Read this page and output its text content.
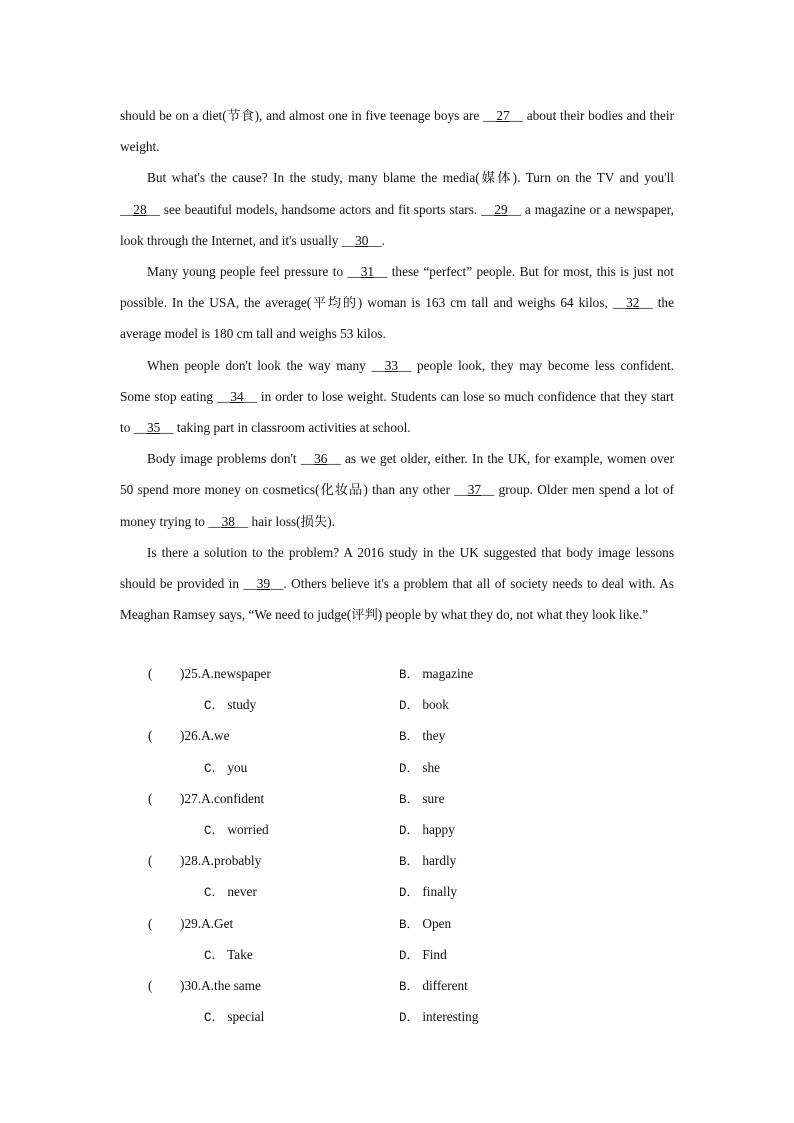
should be on a diet(节食), and almost one in five teenage boys are __27__ about their bodies and their weight.

But what's the cause? In the study, many blame the media(媒体). Turn on the TV and you'll __28__ see beautiful models, handsome actors and fit sports stars. __29__ a magazine or a newspaper, look through the Internet, and it's usually __30__.

Many young people feel pressure to __31__ these “perfect” people. But for most, this is just not possible. In the USA, the average(平均的) woman is 163 cm tall and weighs 64 kilos, __32__ the average model is 180 cm tall and weighs 53 kilos.

When people don't look the way many __33__ people look, they may become less confident. Some stop eating __34__ in order to lose weight. Students can lose so much confidence that they start to __35__ taking part in classroom activities at school.

Body image problems don't __36__ as we get older, either. In the UK, for example, women over 50 spend more money on cosmetics(化妆品) than any other __37__ group. Older men spend a lot of money trying to __38__ hair loss(损失).

Is there a solution to the problem? A 2016 study in the UK suggested that body image lessons should be provided in __39__. Others believe it's a problem that all of society needs to deal with. As Meaghan Ramsey says, “We need to judge(评判) people by what they do, not what they look like.”

( )25.A.newspaper	B． magazine
C． study	D． book
( )26.A.we	B． they
C． you	D． she
( )27.A.confident	B． sure
C． worried	D． happy
( )28.A.probably	B． hardly
C． never	D． finally
( )29.A.Get	B． Open
C． Take	D． Find
( )30.A.the same	B． different
C． special	D． interesting
